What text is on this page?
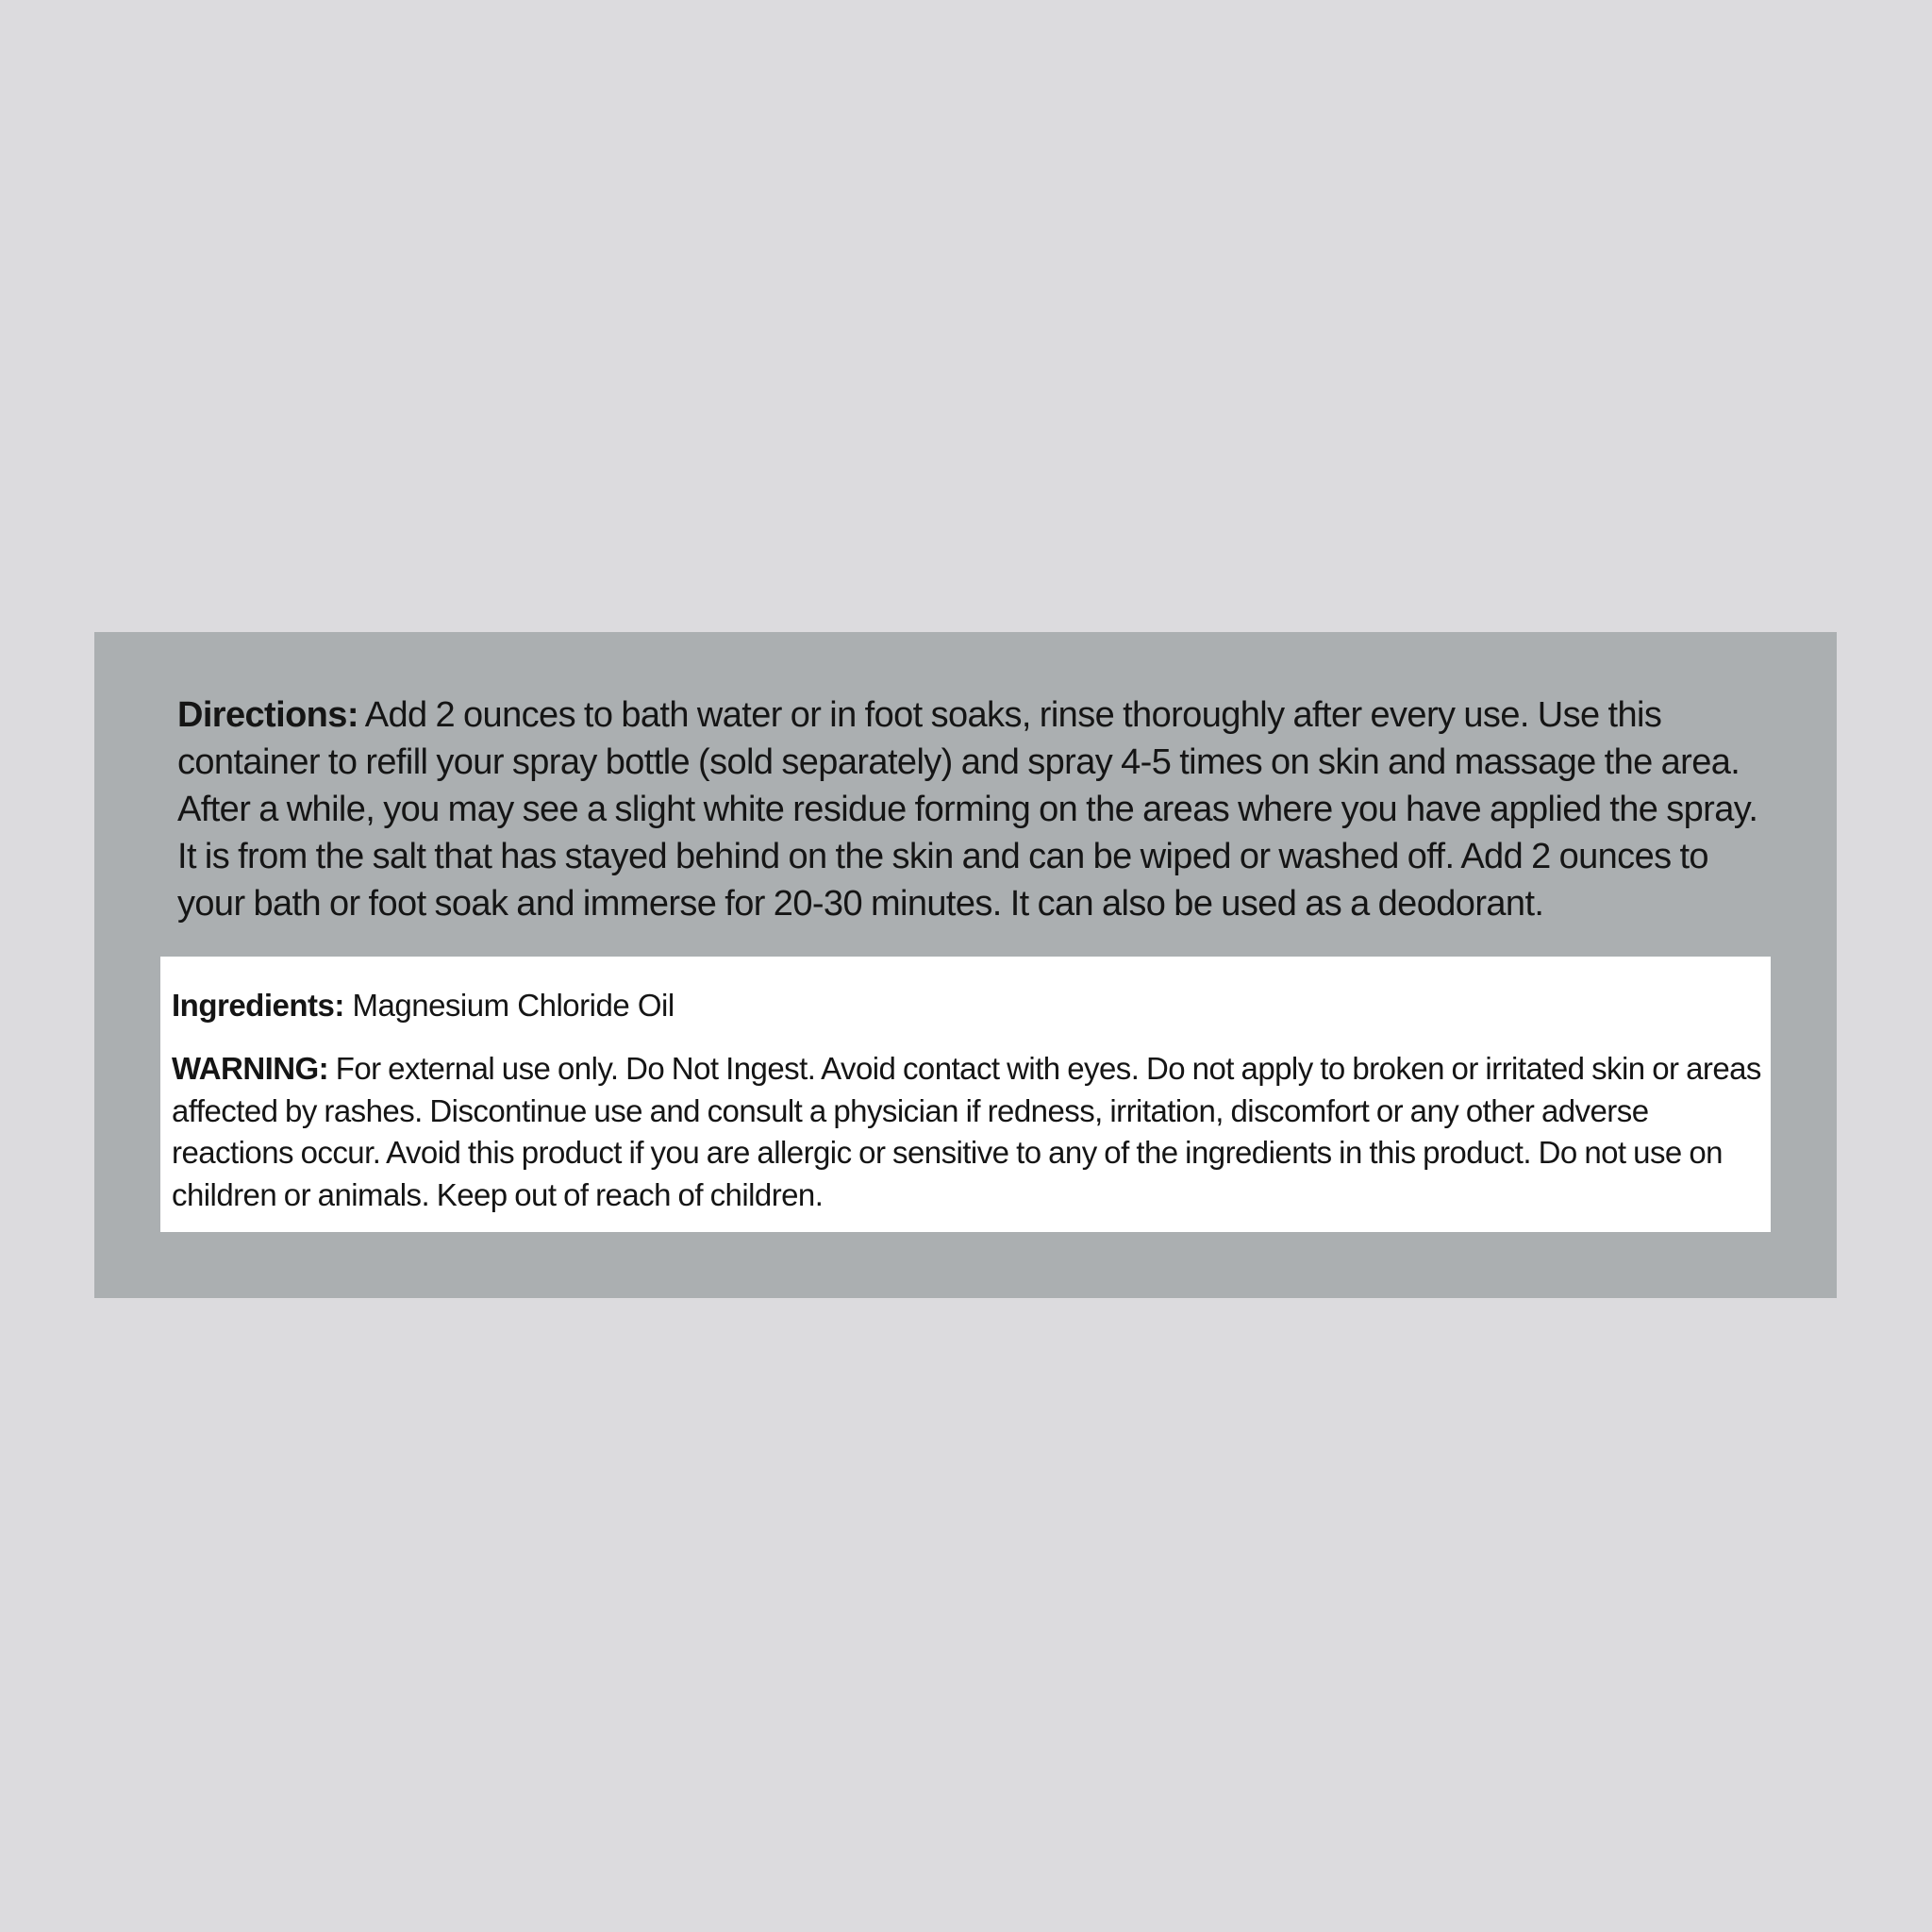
Directions: Add 2 ounces to bath water or in foot soaks, rinse thoroughly after every use. Use this container to refill your spray bottle (sold separately) and spray 4-5 times on skin and massage the area. After a while, you may see a slight white residue forming on the areas where you have applied the spray. It is from the salt that has stayed behind on the skin and can be wiped or washed off. Add 2 ounces to your bath or foot soak and immerse for 20-30 minutes. It can also be used as a deodorant.

Ingredients: Magnesium Chloride Oil

WARNING: For external use only. Do Not Ingest. Avoid contact with eyes. Do not apply to broken or irritated skin or areas affected by rashes. Discontinue use and consult a physician if redness, irritation, discomfort or any other adverse reactions occur. Avoid this product if you are allergic or sensitive to any of the ingredients in this product. Do not use on children or animals. Keep out of reach of children.
